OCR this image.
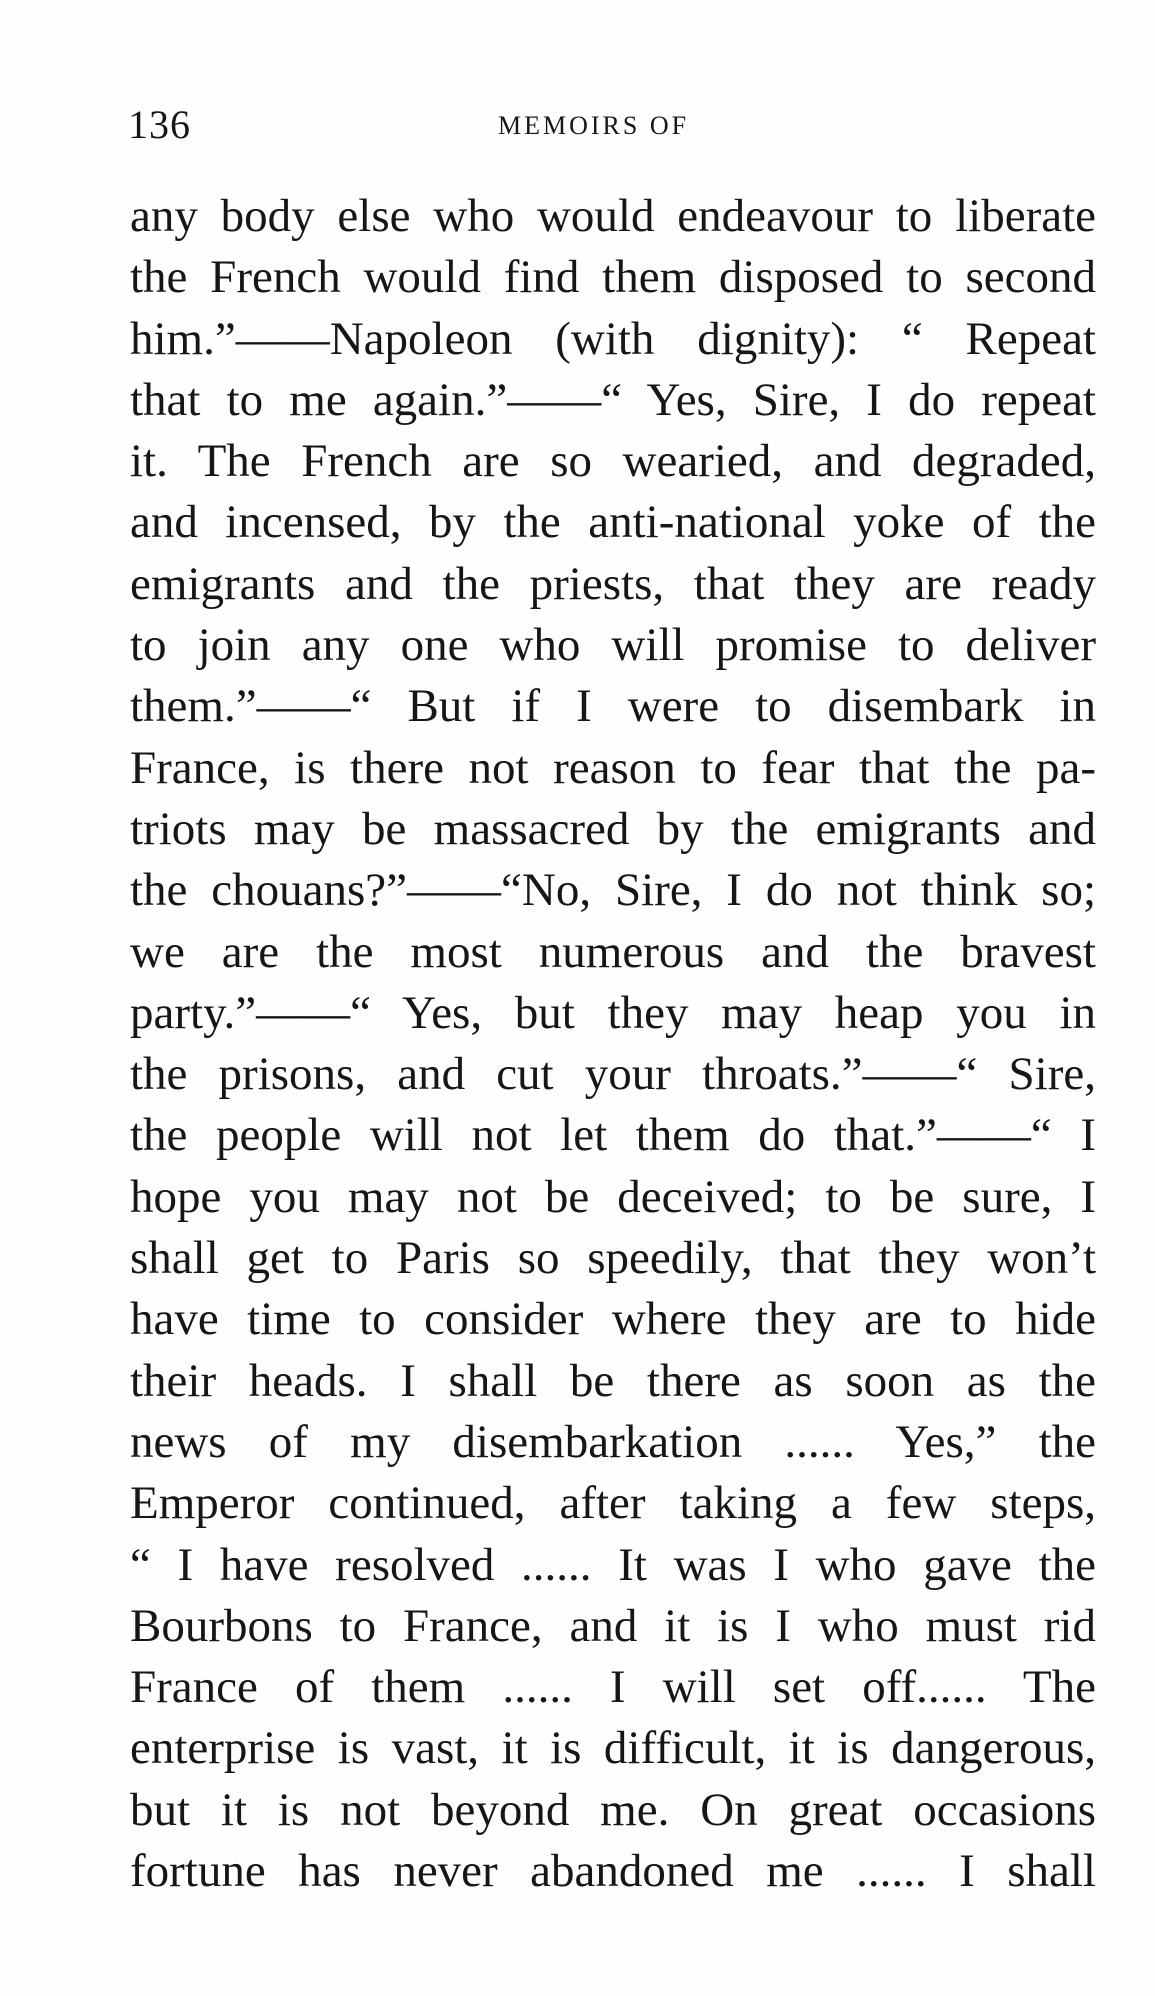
136	MEMOIRS OF
any body else who would endeavour to liberate
the French would find them disposed to second
him.”——Napoleon (with dignity): “ Repeat
that to me again.”——“ Yes, Sire, I do repeat
it. The French are so wearied, and degraded,
and incensed, by the anti-national yoke of the
emigrants and the priests, that they are ready
to join any one who will promise to deliver
them.”——“ But if I were to disembark in
France, is there not reason to fear that the pa-
triots may be massacred by the emigrants and
the chouans?”——“No, Sire, I do not think so;
we are the most numerous and the bravest
party.”——“ Yes, but they may heap you in
the prisons, and cut your throats.”——“ Sire,
the people will not let them do that.”——“ I
hope you may not be deceived; to be sure, I
shall get to Paris so speedily, that they won’t
have time to consider where they are to hide
their heads. I shall be there as soon as the
news of my disembarkation ...... Yes,” the
Emperor continued, after taking a few steps,
“ I have resolved ...... It was I who gave the
Bourbons to France, and it is I who must rid
France of them ...... I will set off...... The
enterprise is vast, it is difficult, it is dangerous,
but it is not beyond me. On great occasions
fortune has never abandoned me ...... I shall
